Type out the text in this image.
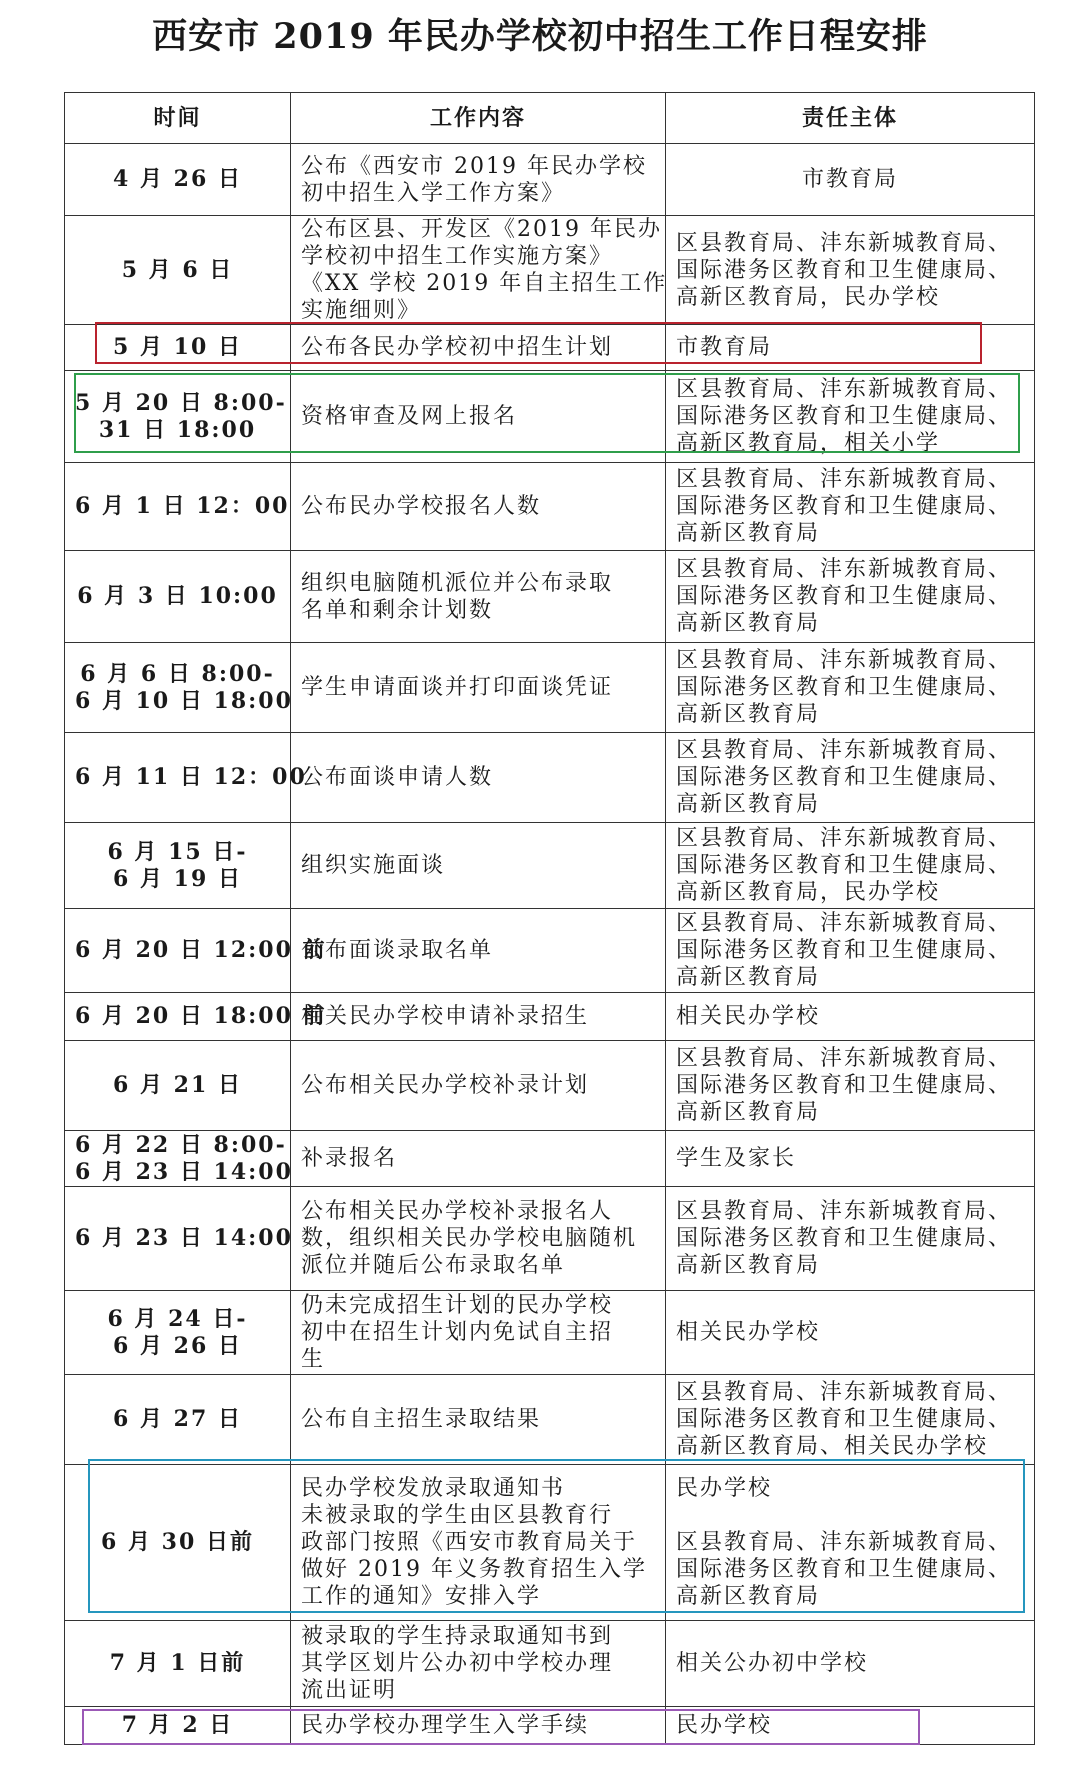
西安市 2019 年民办学校初中招生工作日程安排
时间	工作内容	责任主体

4 月 26 日	公布《西安市 2019 年民办学校
初中招生入学工作方案》	市教育局

5 月 6 日	公布区县、开发区《2019 年民办
学校初中招生工作实施方案》
《XX 学校 2019 年自主招生工作
实施细则》	区县教育局、沣东新城教育局、
国际港务区教育和卫生健康局、
高新区教育局，民办学校

5 月 10 日	公布各民办学校初中招生计划	市教育局

5 月 20 日 8:00-
31 日 18:00	资格审查及网上报名	区县教育局、沣东新城教育局、
国际港务区教育和卫生健康局、
高新区教育局，相关小学

6 月 1 日 12：00	公布民办学校报名人数	区县教育局、沣东新城教育局、
国际港务区教育和卫生健康局、
高新区教育局

6 月 3 日 10:00	组织电脑随机派位并公布录取
名单和剩余计划数	区县教育局、沣东新城教育局、
国际港务区教育和卫生健康局、
高新区教育局

6 月 6 日 8:00-
6 月 10 日 18:00	学生申请面谈并打印面谈凭证	区县教育局、沣东新城教育局、
国际港务区教育和卫生健康局、
高新区教育局

6 月 11 日 12：00	公布面谈申请人数	区县教育局、沣东新城教育局、
国际港务区教育和卫生健康局、
高新区教育局

6 月 15 日-
6 月 19 日	组织实施面谈	区县教育局、沣东新城教育局、
国际港务区教育和卫生健康局、
高新区教育局，民办学校

6 月 20 日 12:00 前	公布面谈录取名单	区县教育局、沣东新城教育局、
国际港务区教育和卫生健康局、
高新区教育局

6 月 20 日 18:00 前	相关民办学校申请补录招生	相关民办学校

6 月 21 日	公布相关民办学校补录计划	区县教育局、沣东新城教育局、
国际港务区教育和卫生健康局、
高新区教育局

6 月 22 日 8:00-
6 月 23 日 14:00	补录报名	学生及家长

6 月 23 日 14:00	公布相关民办学校补录报名人
数，组织相关民办学校电脑随机
派位并随后公布录取名单	区县教育局、沣东新城教育局、
国际港务区教育和卫生健康局、
高新区教育局

6 月 24 日-
6 月 26 日	仍未完成招生计划的民办学校
初中在招生计划内免试自主招
生	相关民办学校

6 月 27 日	公布自主招生录取结果	区县教育局、沣东新城教育局、
国际港务区教育和卫生健康局、
高新区教育局、相关民办学校

6 月 30 日前	民办学校发放录取通知书
未被录取的学生由区县教育行
政部门按照《西安市教育局关于
做好 2019 年义务教育招生入学
工作的通知》安排入学	民办学校
区县教育局、沣东新城教育局、
国际港务区教育和卫生健康局、
高新区教育局

7 月 1 日前	被录取的学生持录取通知书到
其学区划片公办初中学校办理
流出证明	相关公办初中学校

7 月 2 日	民办学校办理学生入学手续	民办学校
